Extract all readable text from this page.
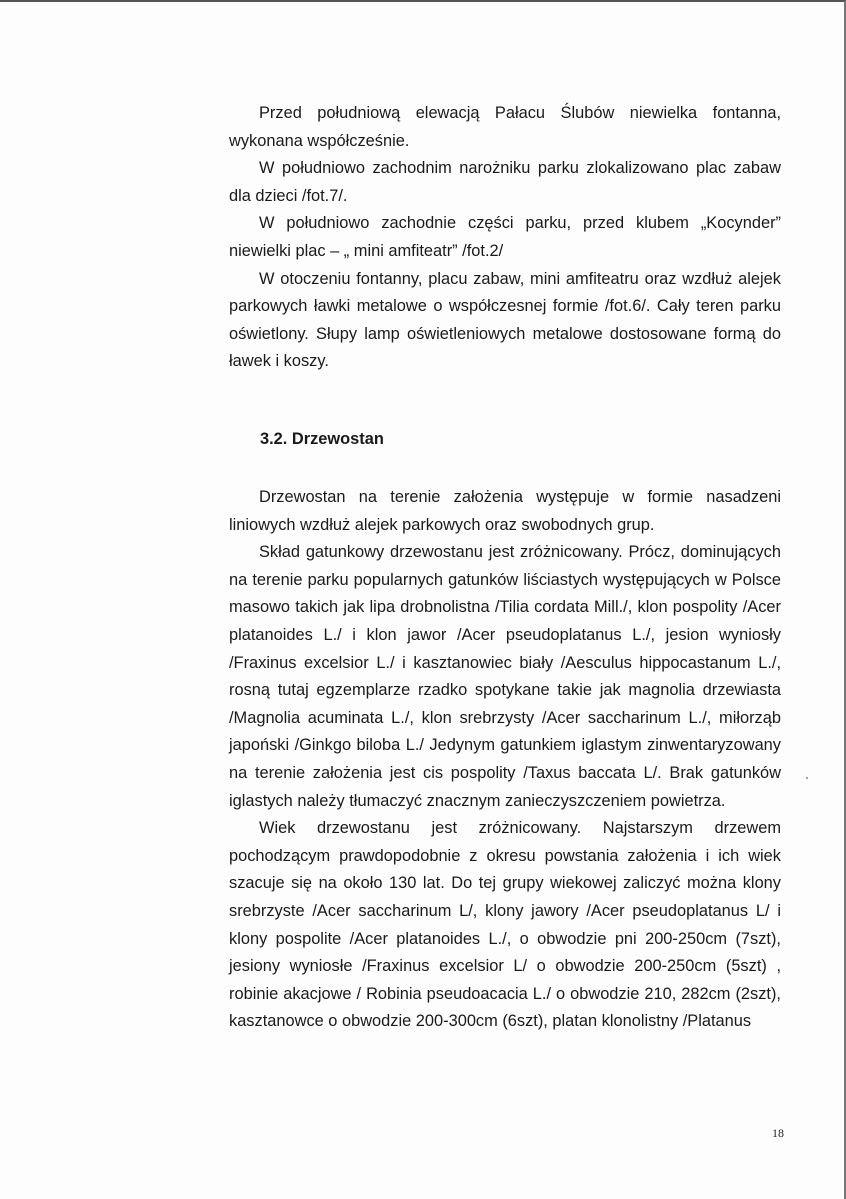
Przed południową elewacją Pałacu Ślubów niewielka fontanna, wykonana współcześnie.

W południowo zachodnim narożniku parku zlokalizowano plac zabaw dla dzieci /fot.7/.

W południowo zachodnie części parku, przed klubem „Kocynder” niewielki plac – „ mini amfiteatr” /fot.2/

W otoczeniu fontanny, placu zabaw, mini amfiteatru oraz wzdłuż alejek parkowych ławki metalowe o współczesnej formie /fot.6/. Cały teren parku oświetlony. Słupy lamp oświetleniowych metalowe dostosowane formą do ławek i koszy.

3.2. Drzewostan

Drzewostan na terenie założenia występuje w formie nasadzeni liniowych wzdłuż alejek parkowych oraz swobodnych grup.

Skład gatunkowy drzewostanu jest zróżnicowany. Prócz, dominujących na terenie parku popularnych gatunków liściastych występujących w Polsce masowo takich jak lipa drobnolistna /Tilia cordata Mill./, klon pospolity /Acer platanoides L./ i klon jawor /Acer pseudoplatanus L./, jesion wyniosły /Fraxinus excelsior L./ i kasztanowiec biały /Aesculus hippocastanum L./, rosną tutaj egzemplarze rzadko spotykane takie jak magnolia drzewiasta /Magnolia acuminata L./, klon srebrzysty /Acer saccharinum L./, miłorząb japoński /Ginkgo biloba L./ Jedynym gatunkiem iglastym zinwentaryzowany na terenie założenia jest cis pospolity /Taxus baccata L/. Brak gatunków iglastych należy tłumaczyć znacznym zanieczyszczeniem powietrza.

Wiek drzewostanu jest zróżnicowany. Najstarszym drzewem pochodzącym prawdopodobnie z okresu powstania założenia i ich wiek szacuje się na około 130 lat. Do tej grupy wiekowej zaliczyć można klony srebrzyste /Acer saccharinum L/, klony jawory /Acer pseudoplatanus L/ i klony pospolite /Acer platanoides L./, o obwodzie pni 200-250cm (7szt), jesiony wyniosłe /Fraxinus excelsior L/ o obwodzie 200-250cm (5szt) , robinie akacjowe / Robinia pseudoacacia L./ o obwodzie 210, 282cm (2szt), kasztanowce o obwodzie 200-300cm (6szt), platan klonolistny /Platanus

18
